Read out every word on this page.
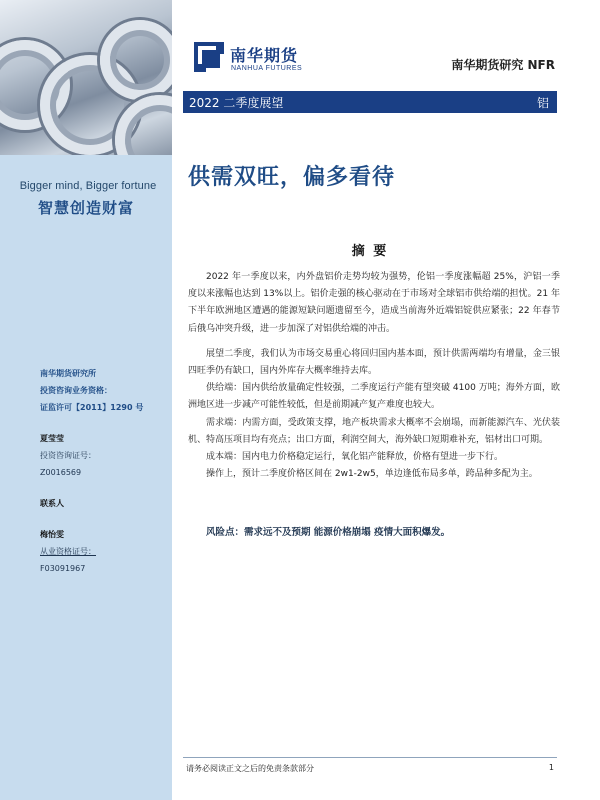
Bigger mind, Bigger fortune
智慧创造财富
南华期货研究所
投资咨询业务资格：
证监许可【2011】1290 号
夏莹莹
投资咨询证号：
Z0016569
联系人
梅怡雯
从业资格证号：
F03091967
南华期货
NANHUA FUTURES	南华期货研究 NFR
2022 二季度展望	铝
供需双旺，偏多看待
摘 要

2022 年一季度以来，内外盘铝价走势均较为强势，伦铝一季度涨幅超 25%，沪铝一季度以来涨幅也达到 13%以上。铝价走强的核心驱动在于市场对全球铝市供给端的担忧。21 年下半年欧洲地区遭遇的能源短缺问题遗留至今，造成当前海外近端铝锭供应紧张；22 年春节后俄乌冲突升级，进一步加深了对铝供给端的冲击。

展望二季度，我们认为市场交易重心将回归国内基本面，预计供需两端均有增量，金三银四旺季仍有缺口，国内外库存大概率维持去库。

供给端：国内供给放量确定性较强，二季度运行产能有望突破 4100 万吨；海外方面，欧洲地区进一步减产可能性较低，但是前期减产复产难度也较大。

需求端：内需方面，受政策支撑，地产板块需求大概率不会崩塌，而新能源汽车、光伏装机、特高压项目均有亮点；出口方面，利润空间大，海外缺口短期难补充，铝材出口可期。

成本端：国内电力价格稳定运行，氧化铝产能释放，价格有望进一步下行。

操作上，预计二季度价格区间在 2w1-2w5，单边逢低布局多单，跨品种多配为主。

风险点：需求远不及预期 能源价格崩塌 疫情大面积爆发。
请务必阅读正文之后的免责条款部分	1
